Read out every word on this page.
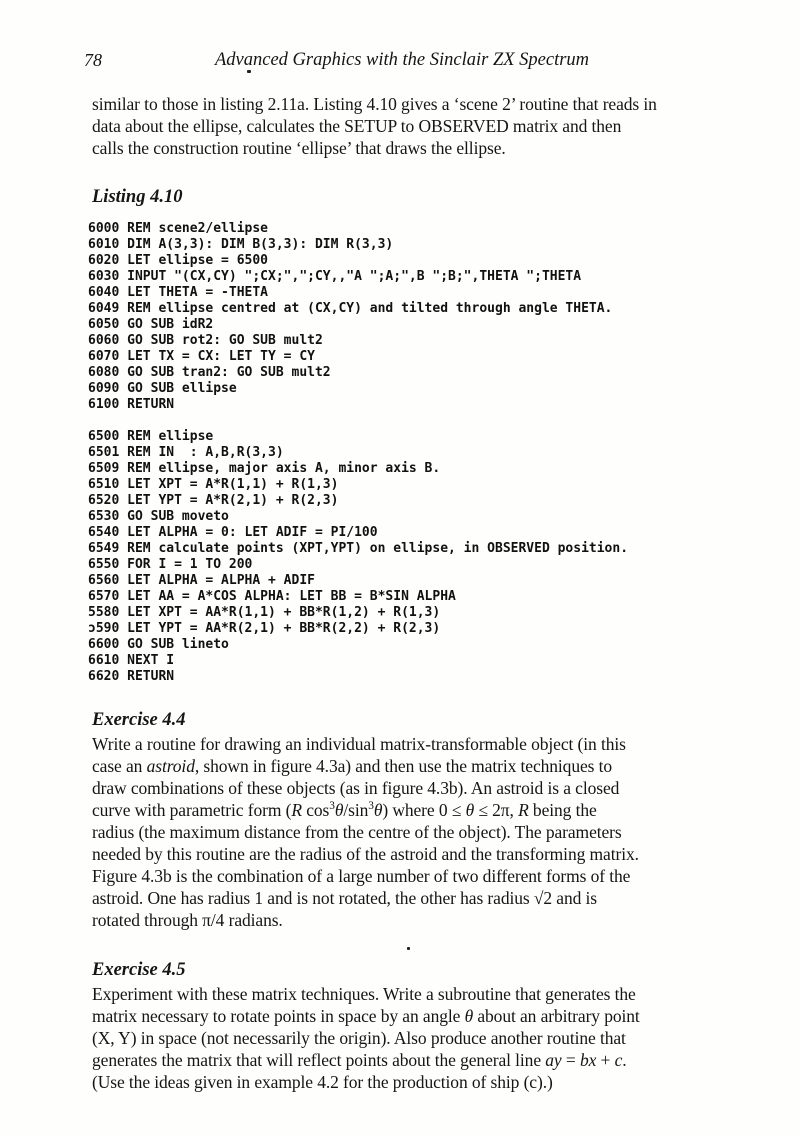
78	Advanced Graphics with the Sinclair ZX Spectrum
similar to those in listing 2.11a. Listing 4.10 gives a ‘scene 2’ routine that reads in
data about the ellipse, calculates the SETUP to OBSERVED matrix and then
calls the construction routine ‘ellipse’ that draws the ellipse.
Listing 4.10
6000 REM scene2/ellipse
6010 DIM A(3,3): DIM B(3,3): DIM R(3,3)
6020 LET ellipse = 6500
6030 INPUT "(CX,CY) ";CX;",";CY,,"A ";A;",B ";B;",THETA ";THETA
6040 LET THETA = -THETA
6049 REM ellipse centred at (CX,CY) and tilted through angle THETA.
6050 GO SUB idR2
6060 GO SUB rot2: GO SUB mult2
6070 LET TX = CX: LET TY = CY
6080 GO SUB tran2: GO SUB mult2
6090 GO SUB ellipse
6100 RETURN
6500 REM ellipse
6501 REM IN  : A,B,R(3,3)
6509 REM ellipse, major axis A, minor axis B.
6510 LET XPT = A*R(1,1) + R(1,3)
6520 LET YPT = A*R(2,1) + R(2,3)
6530 GO SUB moveto
6540 LET ALPHA = 0: LET ADIF = PI/100
6549 REM calculate points (XPT,YPT) on ellipse, in OBSERVED position.
6550 FOR I = 1 TO 200
6560 LET ALPHA = ALPHA + ADIF
6570 LET AA = A*COS ALPHA: LET BB = B*SIN ALPHA
5580 LET XPT = AA*R(1,1) + BB*R(1,2) + R(1,3)
ɔ590 LET YPT = AA*R(2,1) + BB*R(2,2) + R(2,3)
6600 GO SUB lineto
6610 NEXT I
6620 RETURN
Exercise 4.4
Write a routine for drawing an individual matrix-transformable object (in this
case an astroid, shown in figure 4.3a) and then use the matrix techniques to
draw combinations of these objects (as in figure 4.3b). An astroid is a closed
curve with parametric form (R $\cos^3\theta/\sin^3\theta$) where 0 ≤ θ ≤ 2π, R being the
radius (the maximum distance from the centre of the object). The parameters
needed by this routine are the radius of the astroid and the transforming matrix.
Figure 4.3b is the combination of a large number of two different forms of the
astroid. One has radius 1 and is not rotated, the other has radius √2 and is
rotated through π/4 radians.
Exercise 4.5
Experiment with these matrix techniques. Write a subroutine that generates the
matrix necessary to rotate points in space by an angle θ about an arbitrary point
(X, Y) in space (not necessarily the origin). Also produce another routine that
generates the matrix that will reflect points about the general line ay = bx + c.
(Use the ideas given in example 4.2 for the production of ship (c).)
